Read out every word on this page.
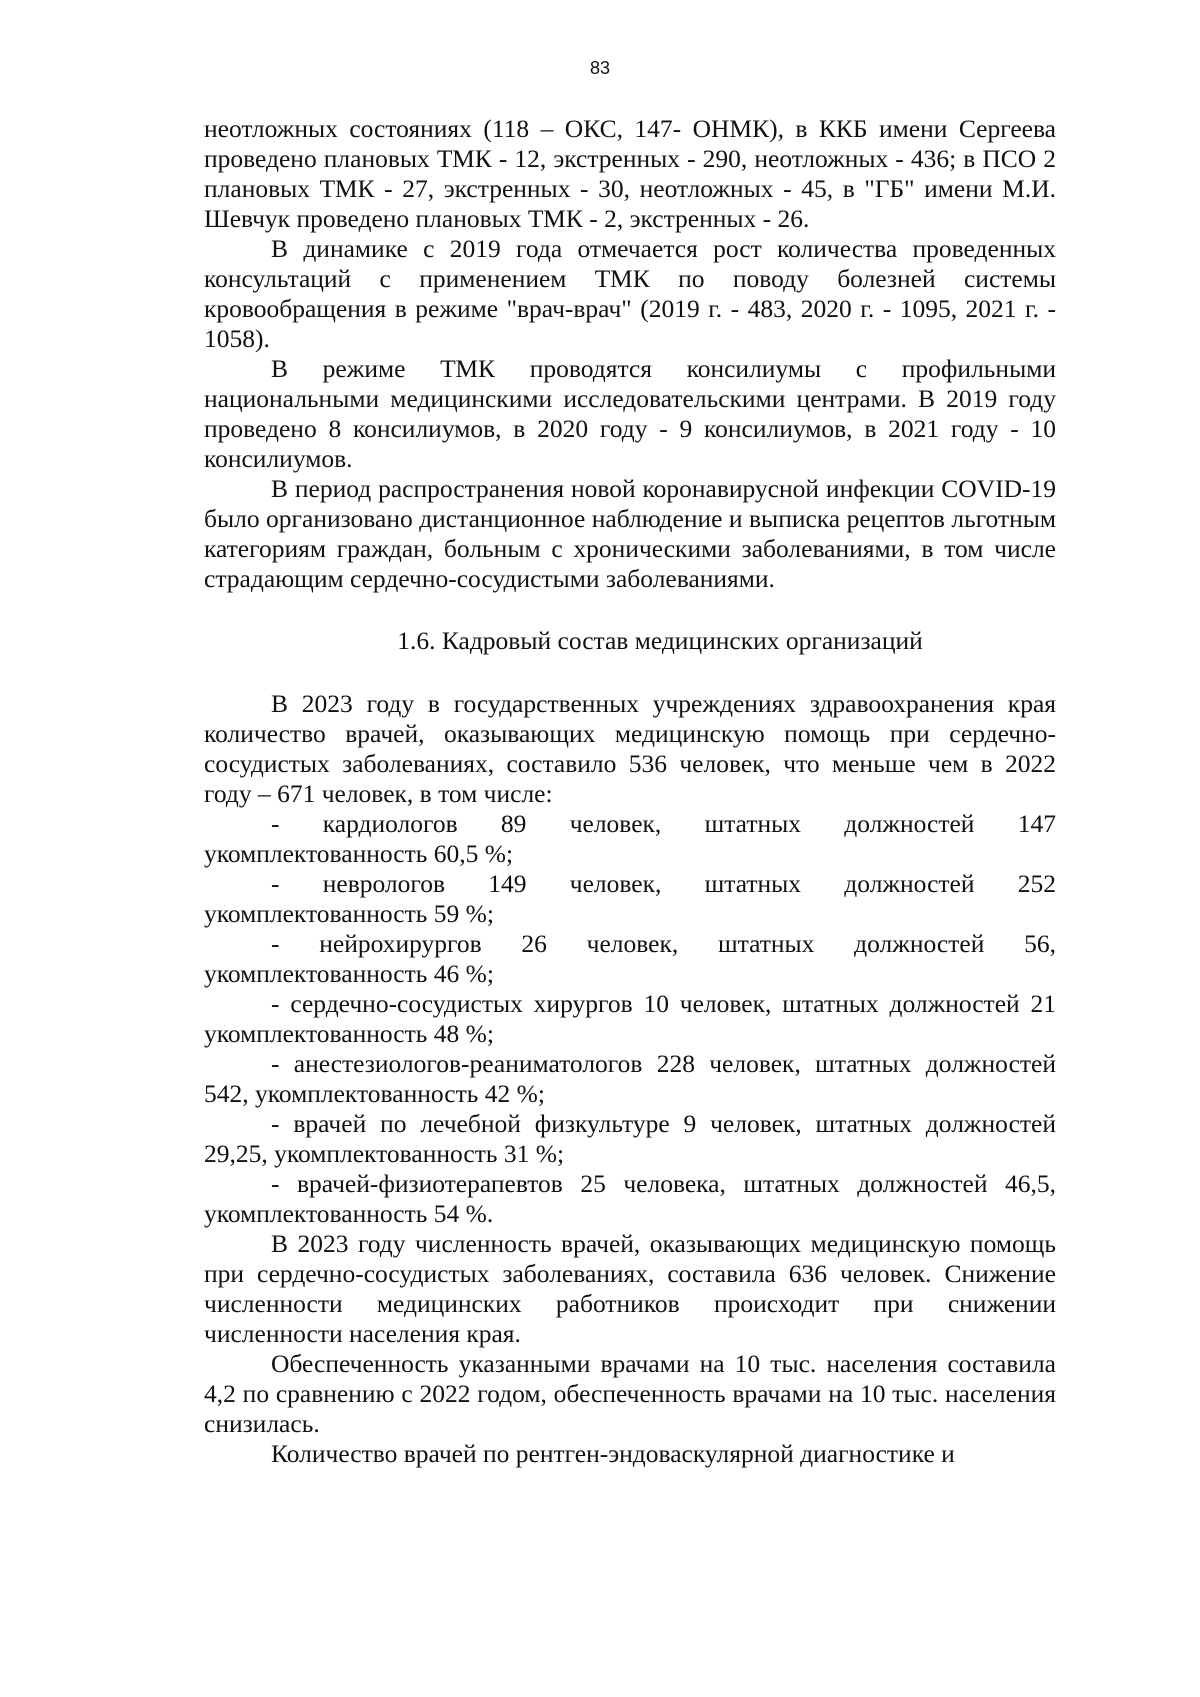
83

неотложных состояниях (118 – ОКС, 147- ОНМК), в ККБ имени Сергеева проведено плановых ТМК - 12, экстренных - 290, неотложных - 436; в ПСО 2 плановых ТМК - 27, экстренных - 30, неотложных - 45, в "ГБ" имени М.И. Шевчук проведено плановых ТМК - 2, экстренных - 26.

В динамике с 2019 года отмечается рост количества проведенных консультаций с применением ТМК по поводу болезней системы кровообращения в режиме "врач-врач" (2019 г. - 483, 2020 г. - 1095, 2021 г. - 1058).

В режиме ТМК проводятся консилиумы с профильными национальными медицинскими исследовательскими центрами. В 2019 году проведено 8 консилиумов, в 2020 году - 9 консилиумов, в 2021 году - 10 консилиумов.

В период распространения новой коронавирусной инфекции COVID-19 было организовано дистанционное наблюдение и выписка рецептов льготным категориям граждан, больным с хроническими заболеваниями, в том числе страдающим сердечно-сосудистыми заболеваниями.

1.6. Кадровый состав медицинских организаций

В 2023 году в государственных учреждениях здравоохранения края количество врачей, оказывающих медицинскую помощь при сердечно-сосудистых заболеваниях, составило 536 человек, что меньше чем в 2022 году – 671 человек, в том числе:

- кардиологов 89 человек, штатных должностей 147 укомплектованность 60,5 %;

- неврологов 149 человек, штатных должностей 252 укомплектованность 59 %;

- нейрохирургов 26 человек, штатных должностей 56, укомплектованность 46 %;

- сердечно-сосудистых хирургов 10 человек, штатных должностей 21 укомплектованность 48 %;

- анестезиологов-реаниматологов 228 человек, штатных должностей 542, укомплектованность 42 %;

- врачей по лечебной физкультуре 9 человек, штатных должностей 29,25, укомплектованность 31 %;

- врачей-физиотерапевтов 25 человека, штатных должностей 46,5, укомплектованность 54 %.

В 2023 году численность врачей, оказывающих медицинскую помощь при сердечно-сосудистых заболеваниях, составила 636 человек. Снижение численности медицинских работников происходит при снижении численности населения края.

Обеспеченность указанными врачами на 10 тыс. населения составила 4,2 по сравнению с 2022 годом, обеспеченность врачами на 10 тыс. населения снизилась.

Количество врачей по рентген-эндоваскулярной диагностике и
